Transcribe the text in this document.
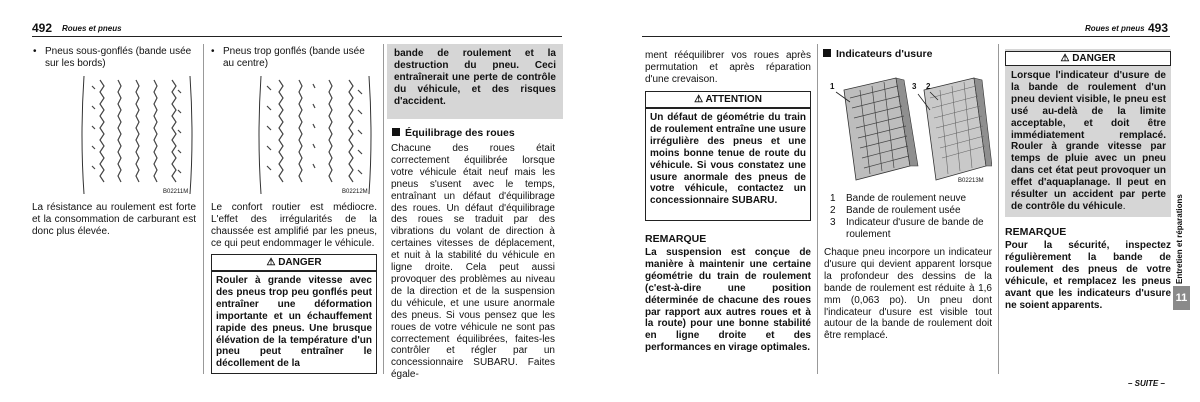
492 Roues et pneus	Roues et pneus 493
• Pneus sous-gonflés (bande usée sur les bords)
B02211M
La résistance au roulement est forte et la consommation de carburant est donc plus élevée.
• Pneus trop gonflés (bande usée au centre)
B02212M
Le confort routier est médiocre. L'effet des irrégularités de la chaussée est amplifié par les pneus, ce qui peut endommager le véhicule.
⚠ DANGER
Rouler à grande vitesse avec des pneus trop peu gonflés peut entraîner une déformation importante et un échauffement rapide des pneus. Une brusque élévation de la température d'un pneu peut entraîner le décollement de la
bande de roulement et la destruction du pneu. Ceci entraînerait une perte de contrôle du véhicule, et des risques d'accident.
Équilibrage des roues
Chacune des roues était correctement équilibrée lorsque votre véhicule était neuf mais les pneus s'usent avec le temps, entraînant un défaut d'équilibrage des roues. Un défaut d'équilibrage des roues se traduit par des vibrations du volant de direction à certaines vitesses de déplacement, et nuit à la stabilité du véhicule en ligne droite. Cela peut aussi provoquer des problèmes au niveau de la direction et de la suspension du véhicule, et une usure anormale des pneus. Si vous pensez que les roues de votre véhicule ne sont pas correctement équilibrées, faites-les contrôler et régler par un concessionnaire SUBARU. Faites égale-
ment rééquilibrer vos roues après permutation et après réparation d'une crevaison.
⚠ ATTENTION
Un défaut de géométrie du train de roulement entraîne une usure irrégulière des pneus et une moins bonne tenue de route du véhicule. Si vous constatez une usure anormale des pneus de votre véhicule, contactez un concessionnaire SUBARU.
REMARQUE
La suspension est conçue de manière à maintenir une certaine géométrie du train de roulement (c'est-à-dire une position déterminée de chacune des roues par rapport aux autres roues et à la route) pour une bonne stabilité en ligne droite et des performances en virage optimales.
Indicateurs d'usure
1	3 2
B02213M
1	Bande de roulement neuve
2	Bande de roulement usée
3	Indicateur d'usure de bande de roulement
Chaque pneu incorpore un indicateur d'usure qui devient apparent lorsque la profondeur des dessins de la bande de roulement est réduite à 1,6 mm (0,063 po). Un pneu dont l'indicateur d'usure est visible tout autour de la bande de roulement doit être remplacé.
⚠ DANGER
Lorsque l'indicateur d'usure de la bande de roulement d'un pneu devient visible, le pneu est usé au-delà de la limite acceptable, et doit être immédiatement remplacé. Rouler à grande vitesse par temps de pluie avec un pneu dans cet état peut provoquer un effet d'aquaplanage. Il peut en résulter un accident par perte de contrôle du véhicule.
REMARQUE
Pour la sécurité, inspectez régulièrement la bande de roulement des pneus de votre véhicule, et remplacez les pneus avant que les indicateurs d'usure ne soient apparents.
Entretien et réparations
11
– SUITE –
